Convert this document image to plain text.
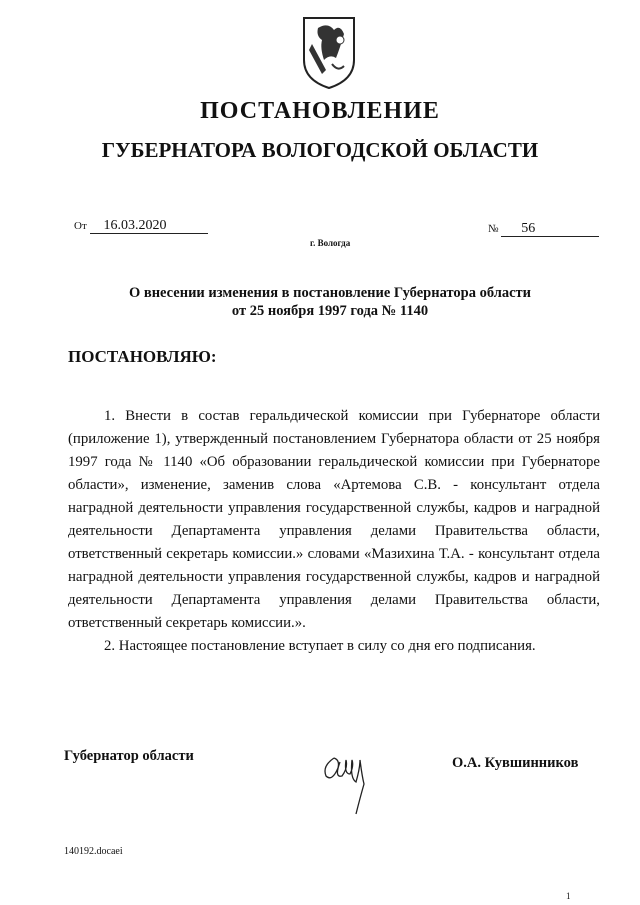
ПОСТАНОВЛЕНИЕ
ГУБЕРНАТОРА ВОЛОГОДСКОЙ ОБЛАСТИ
От 16.03.2020	№ 56
г. Вологда
О внесении изменения в постановление Губернатора области
от 25 ноября 1997 года № 1140
ПОСТАНОВЛЯЮ:

1. Внести в состав геральдической комиссии при Губернаторе области (приложение 1), утвержденный постановлением Губернатора области от 25 ноября 1997 года № 1140 «Об образовании геральдической комиссии при Губернаторе области», изменение, заменив слова «Артемова С.В. - консультант отдела наградной деятельности управления государственной службы, кадров и наградной деятельности Департамента управления делами Правительства области, ответственный секретарь комиссии.» словами «Мазихина Т.А. - консультант отдела наградной деятельности управления государственной службы, кадров и наградной деятельности Департамента управления делами Правительства области, ответственный секретарь комиссии.».

2. Настоящее постановление вступает в силу со дня его подписания.

Губернатор области	О.А. Кувшинников
140192.docaei
1
